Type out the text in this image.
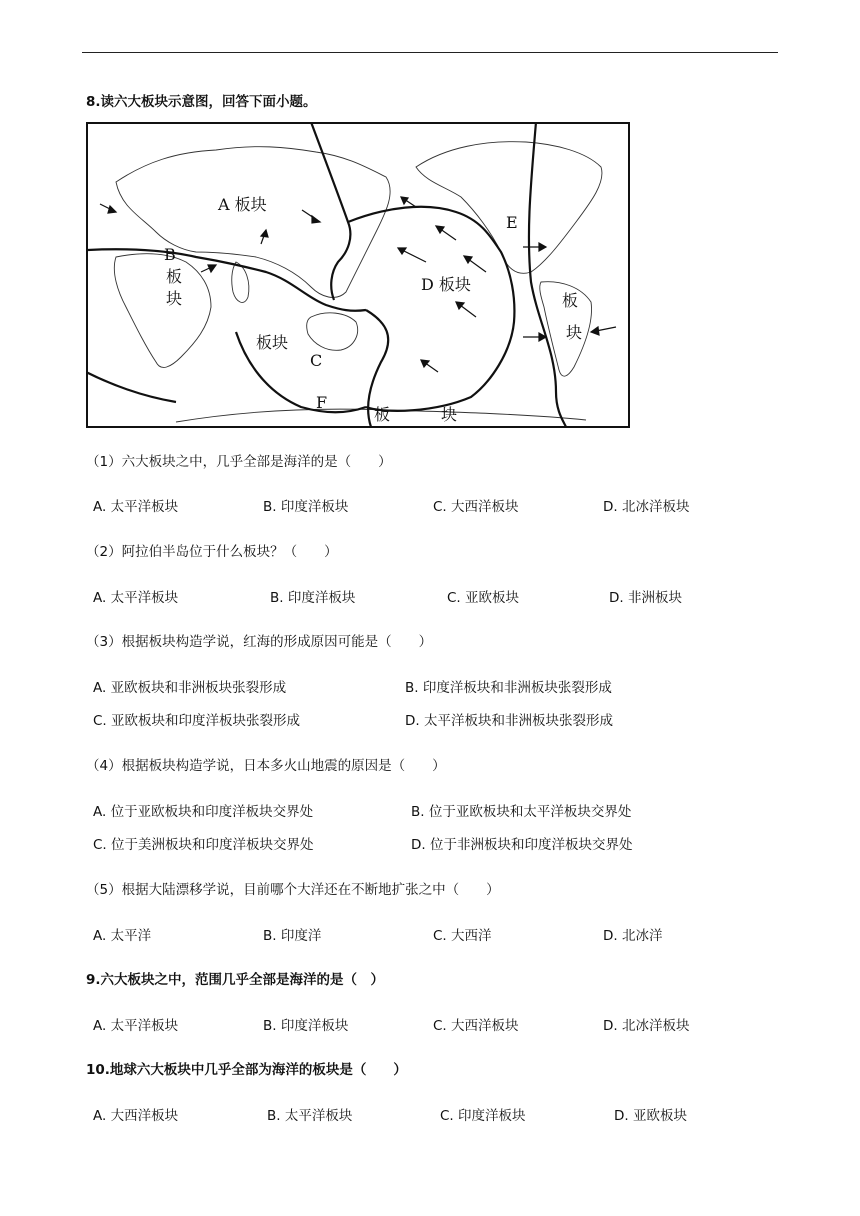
8.读六大板块示意图，回答下面小题。
A 板块
B
板
块
D 板块
E
板
块
板块
C
F
板	块
（1）六大板块之中，几乎全部是海洋的是（　　）
A. 太平洋板块	B. 印度洋板块	C. 大西洋板块	D. 北冰洋板块
（2）阿拉伯半岛位于什么板块？（　　）
A. 太平洋板块	B. 印度洋板块	C. 亚欧板块	D. 非洲板块
（3）根据板块构造学说，红海的形成原因可能是（　　）
A. 亚欧板块和非洲板块张裂形成	B. 印度洋板块和非洲板块张裂形成
C. 亚欧板块和印度洋板块张裂形成	D. 太平洋板块和非洲板块张裂形成
（4）根据板块构造学说，日本多火山地震的原因是（　　）
A. 位于亚欧板块和印度洋板块交界处	B. 位于亚欧板块和太平洋板块交界处
C. 位于美洲板块和印度洋板块交界处	D. 位于非洲板块和印度洋板块交界处
（5）根据大陆漂移学说，目前哪个大洋还在不断地扩张之中（　　）
A. 太平洋	B. 印度洋	C. 大西洋	D. 北冰洋
9.六大板块之中，范围几乎全部是海洋的是（　）
A. 太平洋板块	B. 印度洋板块	C. 大西洋板块	D. 北冰洋板块
10.地球六大板块中几乎全部为海洋的板块是（　　）
A. 大西洋板块	B. 太平洋板块	C. 印度洋板块	D. 亚欧板块
